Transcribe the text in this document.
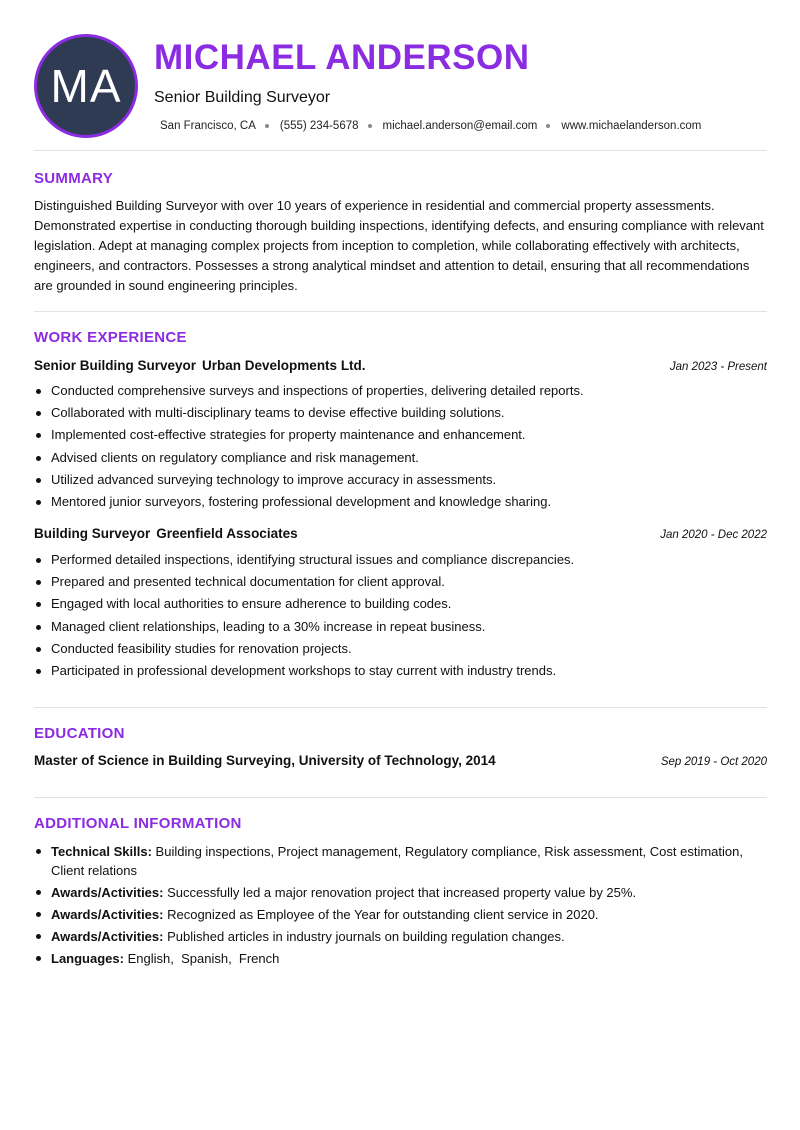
MA
MICHAEL ANDERSON
Senior Building Surveyor
San Francisco, CA (555) 234-5678 michael.anderson@email.com www.michaelanderson.com
SUMMARY

Distinguished Building Surveyor with over 10 years of experience in residential and commercial property assessments. Demonstrated expertise in conducting thorough building inspections, identifying defects, and ensuring compliance with relevant legislation. Adept at managing complex projects from inception to completion, while collaborating effectively with architects, engineers, and contractors. Possesses a strong analytical mindset and attention to detail, ensuring that all recommendations are grounded in sound engineering principles.

WORK EXPERIENCE
Senior Building Surveyor Urban Developments Ltd.	Jan 2023 - Present
Conducted comprehensive surveys and inspections of properties, delivering detailed reports.
Collaborated with multi-disciplinary teams to devise effective building solutions.
Implemented cost-effective strategies for property maintenance and enhancement.
Advised clients on regulatory compliance and risk management.
Utilized advanced surveying technology to improve accuracy in assessments.
Mentored junior surveyors, fostering professional development and knowledge sharing.
Building Surveyor Greenfield Associates	Jan 2020 - Dec 2022
Performed detailed inspections, identifying structural issues and compliance discrepancies.
Prepared and presented technical documentation for client approval.
Engaged with local authorities to ensure adherence to building codes.
Managed client relationships, leading to a 30% increase in repeat business.
Conducted feasibility studies for renovation projects.
Participated in professional development workshops to stay current with industry trends.
EDUCATION
Master of Science in Building Surveying, University of Technology, 2014	Sep 2019 - Oct 2020
ADDITIONAL INFORMATION
Technical Skills: Building inspections, Project management, Regulatory compliance, Risk assessment, Cost estimation, Client relations
Awards/Activities: Successfully led a major renovation project that increased property value by 25%.
Awards/Activities: Recognized as Employee of the Year for outstanding client service in 2020.
Awards/Activities: Published articles in industry journals on building regulation changes.
Languages: English , Spanish , French
